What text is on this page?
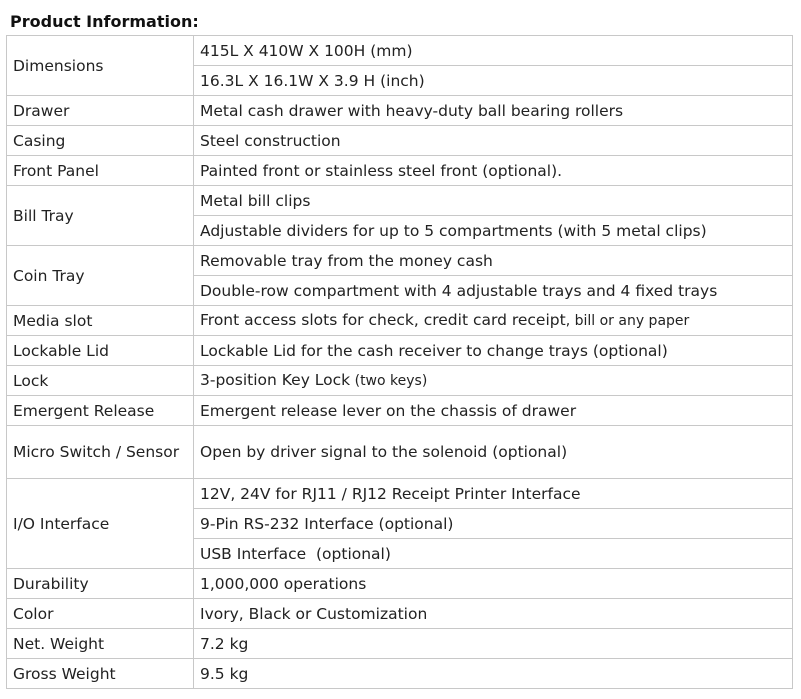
Product Information:

Dimensions	415L X 410W X 100H (mm)
	16.3L X 16.1W X 3.9 H (inch)
Drawer	Metal cash drawer with heavy-duty ball bearing rollers
Casing	Steel construction
Front Panel	Painted front or stainless steel front (optional).
Bill Tray	Metal bill clips
	Adjustable dividers for up to 5 compartments (with 5 metal clips)
Coin Tray	Removable tray from the money cash
	Double-row compartment with 4 adjustable trays and 4 fixed trays
Media slot	Front access slots for check, credit card receipt, bill or any paper
Lockable Lid	Lockable Lid for the cash receiver to change trays (optional)
Lock	3-position Key Lock (two keys)
Emergent Release	Emergent release lever on the chassis of drawer
Micro Switch / Sensor	Open by driver signal to the solenoid (optional)
I/O Interface	12V, 24V for RJ11 / RJ12 Receipt Printer Interface
	9-Pin RS-232 Interface (optional)
	USB Interface  (optional)
Durability	1,000,000 operations
Color	Ivory, Black or Customization
Net. Weight	7.2 kg
Gross Weight	9.5 kg
